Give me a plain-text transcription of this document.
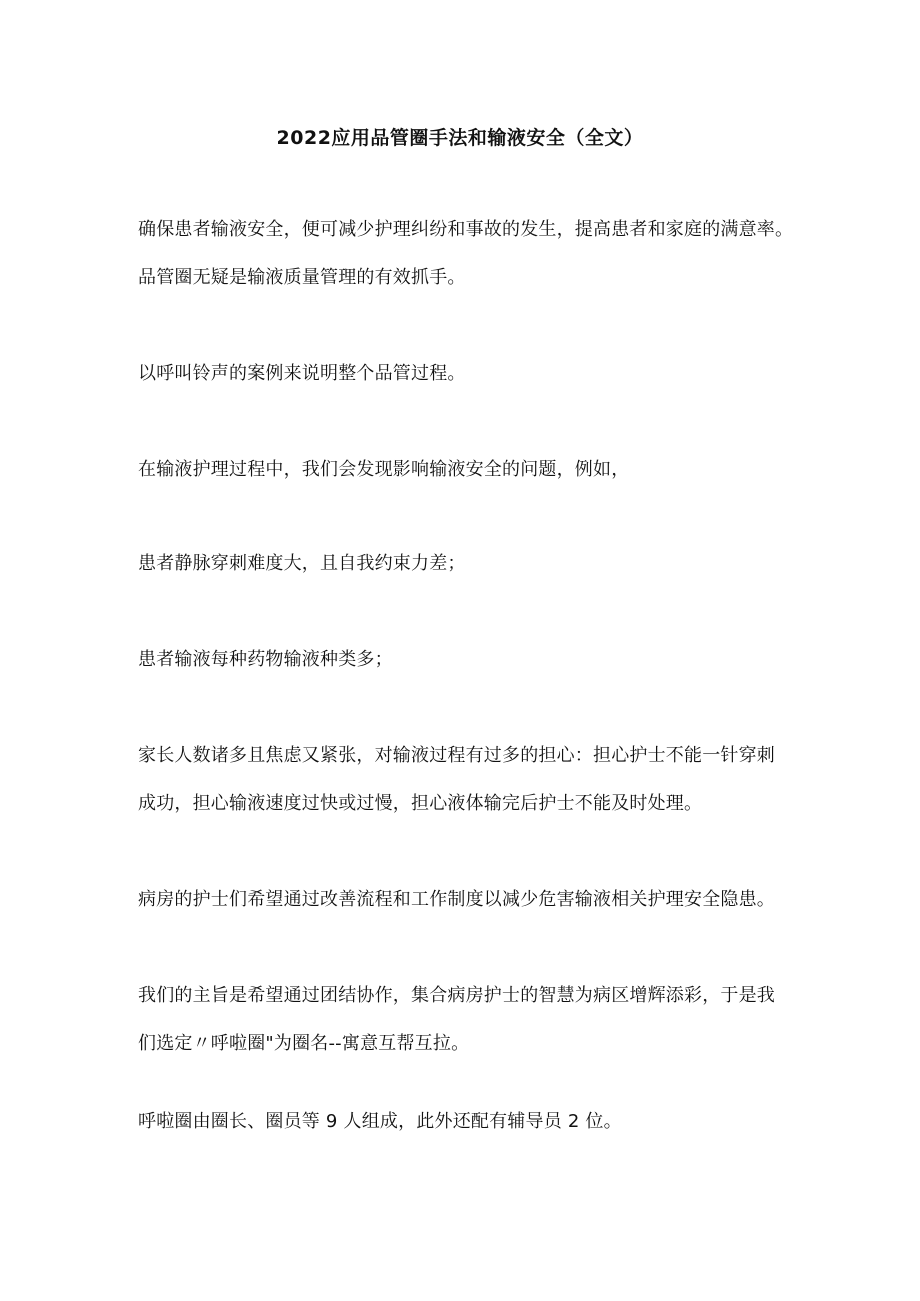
2022应用品管圈手法和输液安全（全文）
确保患者输液安全，便可减少护理纠纷和事故的发生，提高患者和家庭的满意率。
品管圈无疑是输液质量管理的有效抓手。
以呼叫铃声的案例来说明整个品管过程。
在输液护理过程中，我们会发现影响输液安全的问题，例如，
患者静脉穿刺难度大，且自我约束力差；
患者输液每种药物输液种类多；
家长人数诸多且焦虑又紧张，对输液过程有过多的担心：担心护士不能一针穿刺
成功，担心输液速度过快或过慢，担心液体输完后护士不能及时处理。
病房的护士们希望通过改善流程和工作制度以减少危害输液相关护理安全隐患。
我们的主旨是希望通过团结协作，集合病房护士的智慧为病区增辉添彩，于是我
们选定〃呼啦圈"为圈名--寓意互帮互拉。
呼啦圈由圈长、圈员等 9 人组成，此外还配有辅导员 2 位。
